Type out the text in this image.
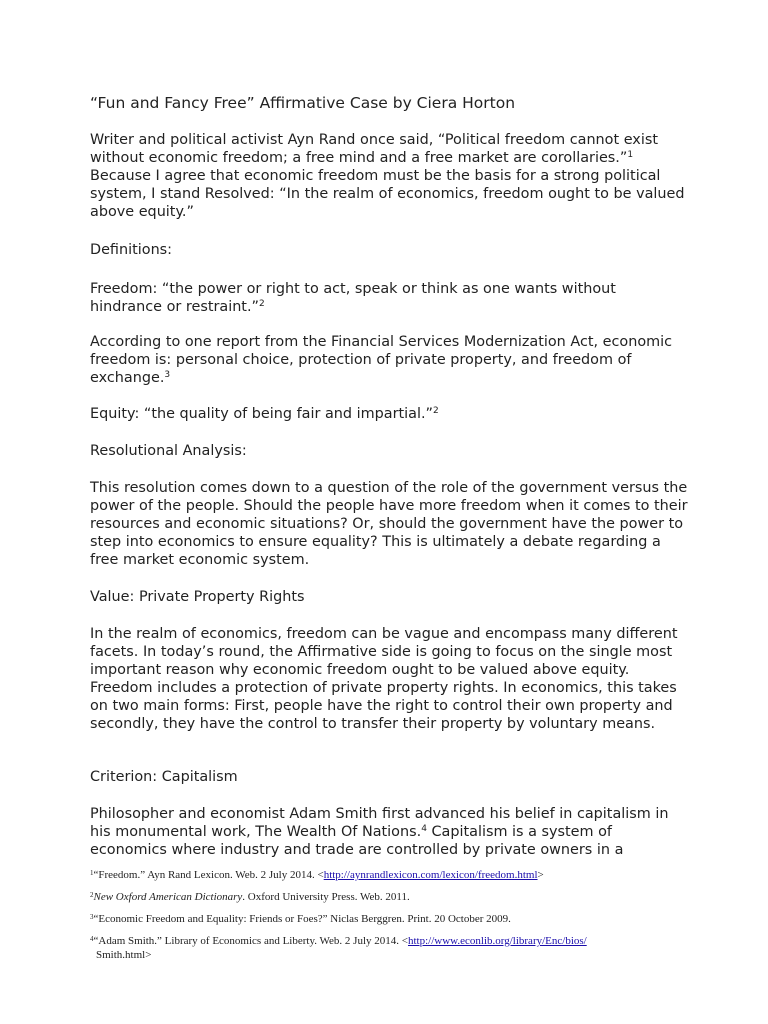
“Fun and Fancy Free” Affirmative Case by Ciera Horton
Writer and political activist Ayn Rand once said, “Political freedom cannot exist without economic freedom; a free mind and a free market are corollaries.”$^1$ Because I agree that economic freedom must be the basis for a strong political system, I stand Resolved: “In the realm of economics, freedom ought to be valued above equity.”
Definitions:
Freedom: “the power or right to act, speak or think as one wants without hindrance or restraint.”$^2$
According to one report from the Financial Services Modernization Act, economic freedom is: personal choice, protection of private property, and freedom of exchange.$^3$
Equity: “the quality of being fair and impartial.”$^2$
Resolutional Analysis:
This resolution comes down to a question of the role of the government versus the power of the people. Should the people have more freedom when it comes to their resources and economic situations? Or, should the government have the power to step into economics to ensure equality? This is ultimately a debate regarding a free market economic system.
Value: Private Property Rights
In the realm of economics, freedom can be vague and encompass many different facets. In today’s round, the Affirmative side is going to focus on the single most important reason why economic freedom ought to be valued above equity. Freedom includes a protection of private property rights. In economics, this takes on two main forms: First, people have the right to control their own property and secondly, they have the control to transfer their property by voluntary means.
Criterion: Capitalism
Philosopher and economist Adam Smith first advanced his belief in capitalism in his monumental work, The Wealth Of Nations.$^4$ Capitalism is a system of economics where industry and trade are controlled by private owners in a
$^1$“Freedom.” Ayn Rand Lexicon. Web. 2 July 2014. <http://aynrandlexicon.com/lexicon/freedom.html>
$^2$New Oxford American Dictionary. Oxford University Press. Web. 2011.
$^3$“Economic Freedom and Equality: Friends or Foes?” Niclas Berggren. Print. 20 October 2009.
$^4$“Adam Smith.” Library of Economics and Liberty. Web. 2 July 2014. <http://www.econlib.org/library/Enc/bios/
Smith.html>
